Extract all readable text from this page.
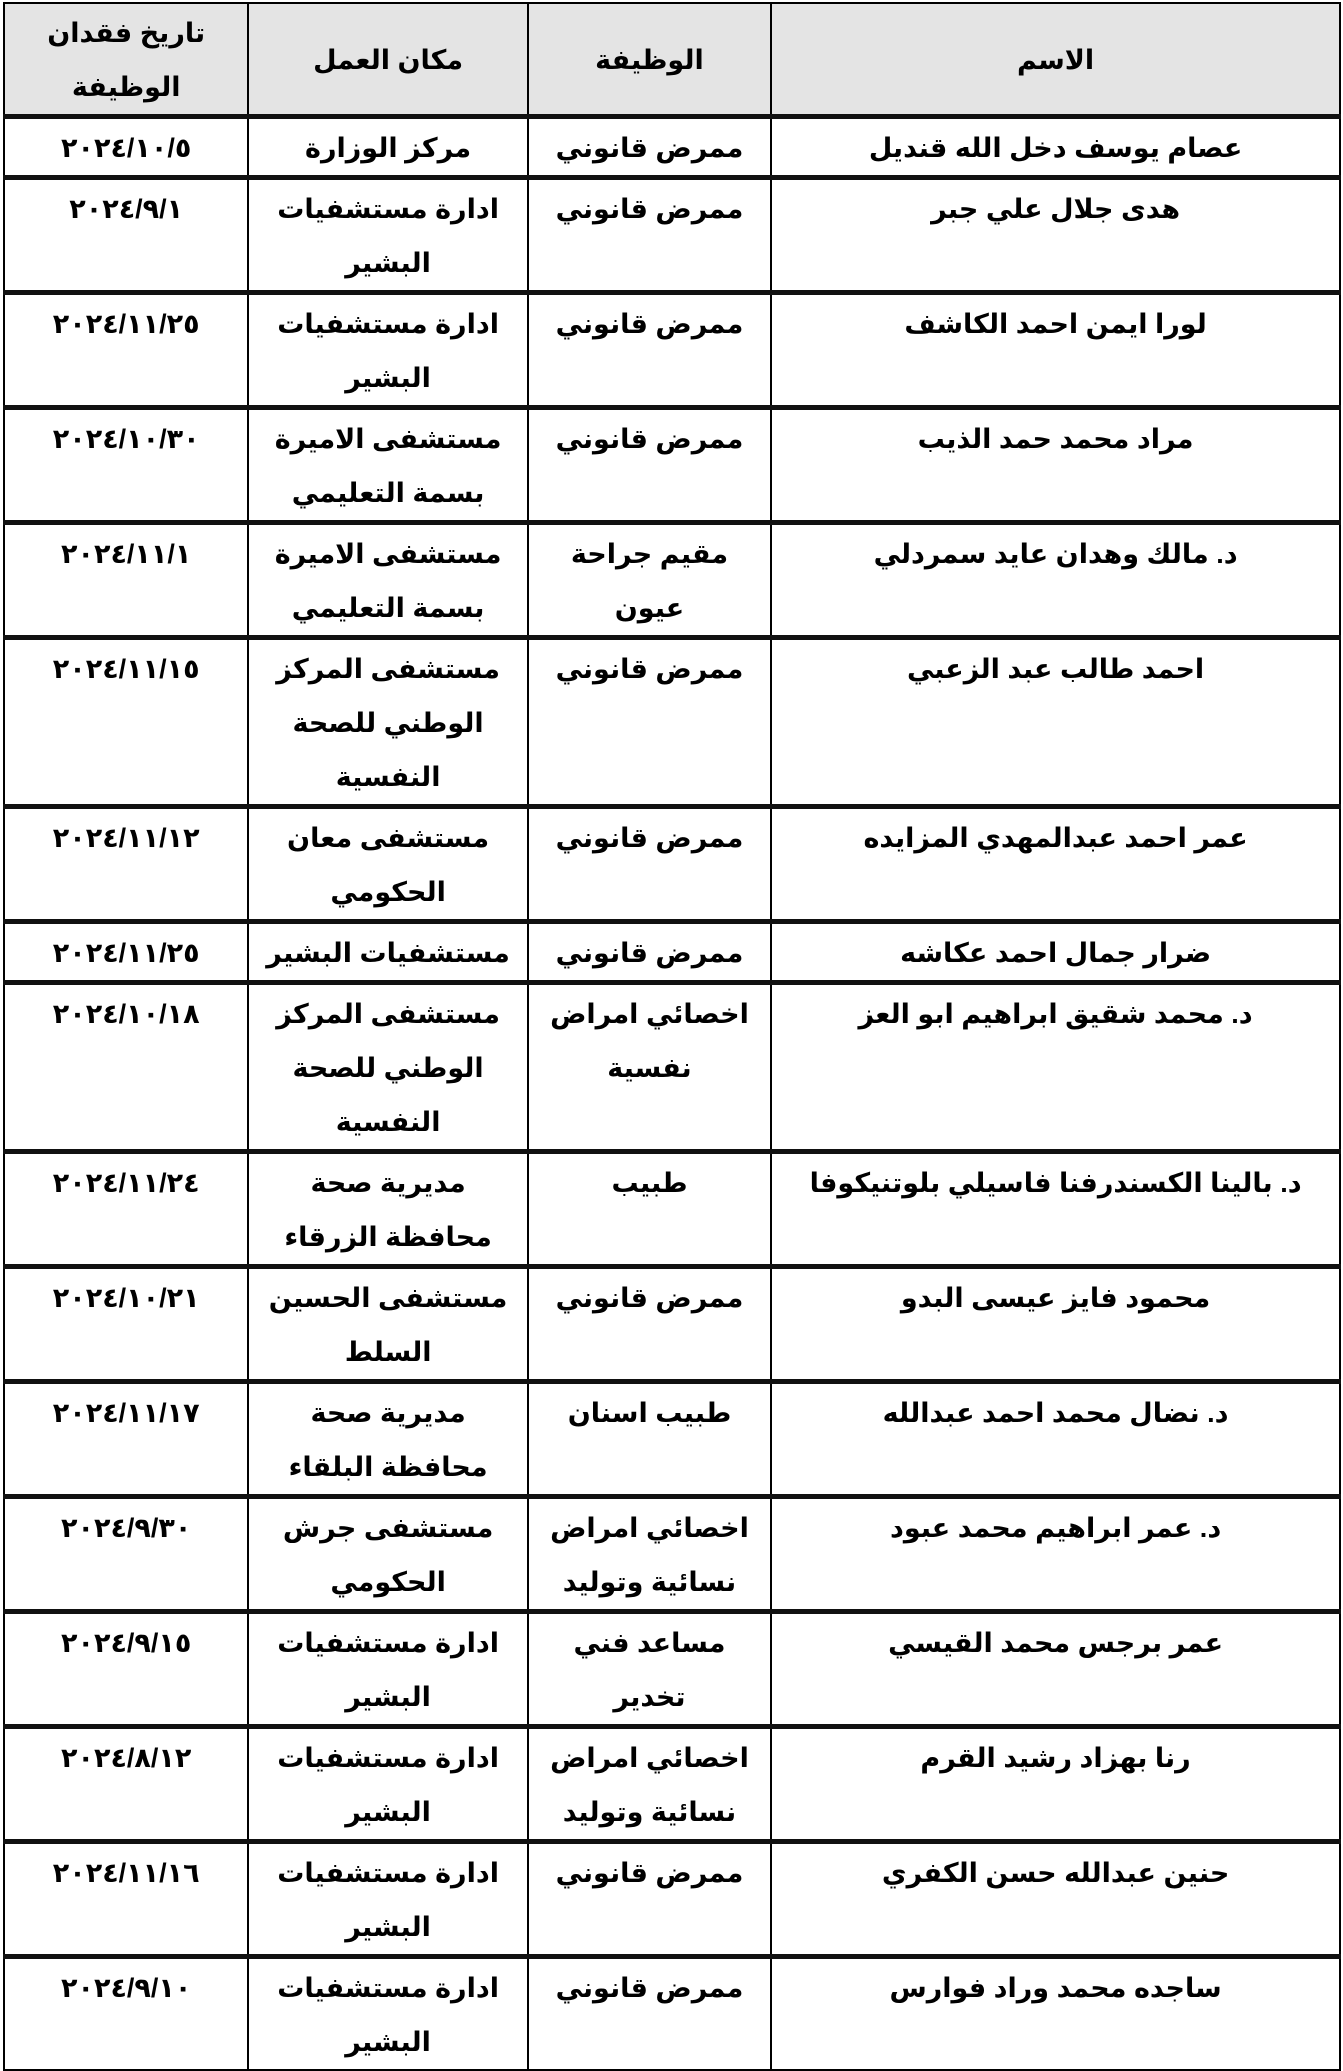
الاسم	الوظيفة	مكان العمل	تاريخ فقدان الوظيفة
عصام يوسف دخل الله قنديل	ممرض قانوني	مركز الوزارة	٢٠٢٤/١٠/٥
هدى جلال علي جبر	ممرض قانوني	ادارة مستشفيات البشير	٢٠٢٤/٩/١
لورا ايمن احمد الكاشف	ممرض قانوني	ادارة مستشفيات البشير	٢٠٢٤/١١/٢٥
مراد محمد حمد الذيب	ممرض قانوني	مستشفى الاميرة بسمة التعليمي	٢٠٢٤/١٠/٣٠
د. مالك وهدان عايد سمردلي	مقيم جراحة عيون	مستشفى الاميرة بسمة التعليمي	٢٠٢٤/١١/١
احمد طالب عبد الزعبي	ممرض قانوني	مستشفى المركز الوطني للصحة النفسية	٢٠٢٤/١١/١٥
عمر احمد عبدالمهدي المزايده	ممرض قانوني	مستشفى معان الحكومي	٢٠٢٤/١١/١٢
ضرار جمال احمد عكاشه	ممرض قانوني	مستشفيات البشير	٢٠٢٤/١١/٢٥
د. محمد شقيق ابراهيم ابو العز	اخصائي امراض نفسية	مستشفى المركز الوطني للصحة النفسية	٢٠٢٤/١٠/١٨
د. بالينا الكسندرفنا فاسيلي بلوتنيكوفا	طبيب	مديرية صحة محافظة الزرقاء	٢٠٢٤/١١/٢٤
محمود فايز عيسى البدو	ممرض قانوني	مستشفى الحسين السلط	٢٠٢٤/١٠/٢١
د. نضال محمد احمد عبدالله	طبيب اسنان	مديرية صحة محافظة البلقاء	٢٠٢٤/١١/١٧
د. عمر ابراهيم محمد عبود	اخصائي امراض نسائية وتوليد	مستشفى جرش الحكومي	٢٠٢٤/٩/٣٠
عمر برجس محمد القيسي	مساعد فني تخدير	ادارة مستشفيات البشير	٢٠٢٤/٩/١٥
رنا بهزاد رشيد القرم	اخصائي امراض نسائية وتوليد	ادارة مستشفيات البشير	٢٠٢٤/٨/١٢
حنين عبدالله حسن الكفري	ممرض قانوني	ادارة مستشفيات البشير	٢٠٢٤/١١/١٦
ساجده محمد وراد فوارس	ممرض قانوني	ادارة مستشفيات البشير	٢٠٢٤/٩/١٠
